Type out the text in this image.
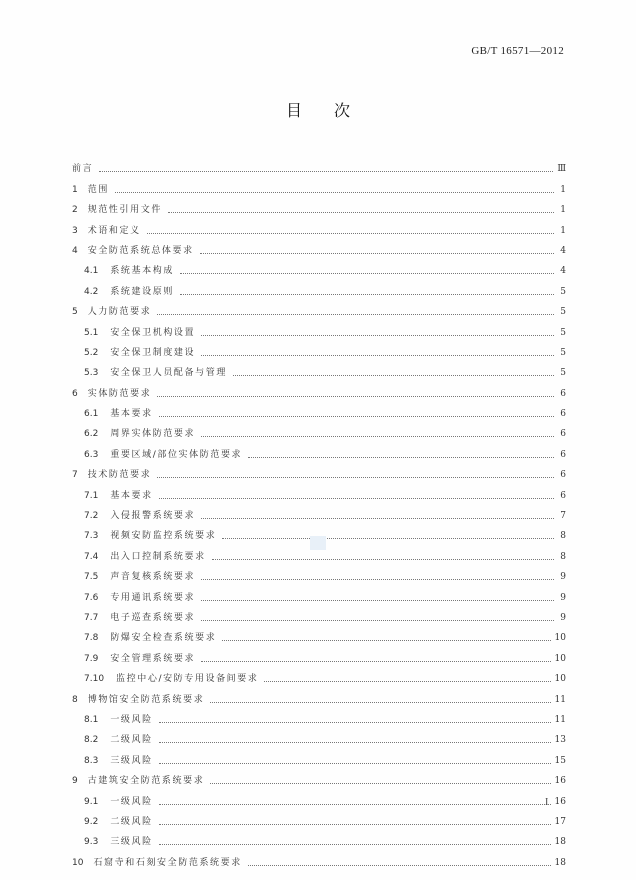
GB/T 16571—2012
目次
前言	Ⅲ
1 范围	1
2 规范性引用文件	1
3 术语和定义	1
4 安全防范系统总体要求	4
4.1 系统基本构成	4
4.2 系统建设原则	5
5 人力防范要求	5
5.1 安全保卫机构设置	5
5.2 安全保卫制度建设	5
5.3 安全保卫人员配备与管理	5
6 实体防范要求	6
6.1 基本要求	6
6.2 周界实体防范要求	6
6.3 重要区域/部位实体防范要求	6
7 技术防范要求	6
7.1 基本要求	6
7.2 入侵报警系统要求	7
7.3 视频安防监控系统要求	8
7.4 出入口控制系统要求	8
7.5 声音复核系统要求	9
7.6 专用通讯系统要求	9
7.7 电子巡查系统要求	9
7.8 防爆安全检查系统要求	10
7.9 安全管理系统要求	10
7.10 监控中心/安防专用设备间要求	10
8 博物馆安全防范系统要求	11
8.1 一级风险	11
8.2 二级风险	13
8.3 三级风险	15
9 古建筑安全防范系统要求	16
9.1 一级风险	16
9.2 二级风险	17
9.3 三级风险	18
10 石窟寺和石刻安全防范系统要求	18
I
